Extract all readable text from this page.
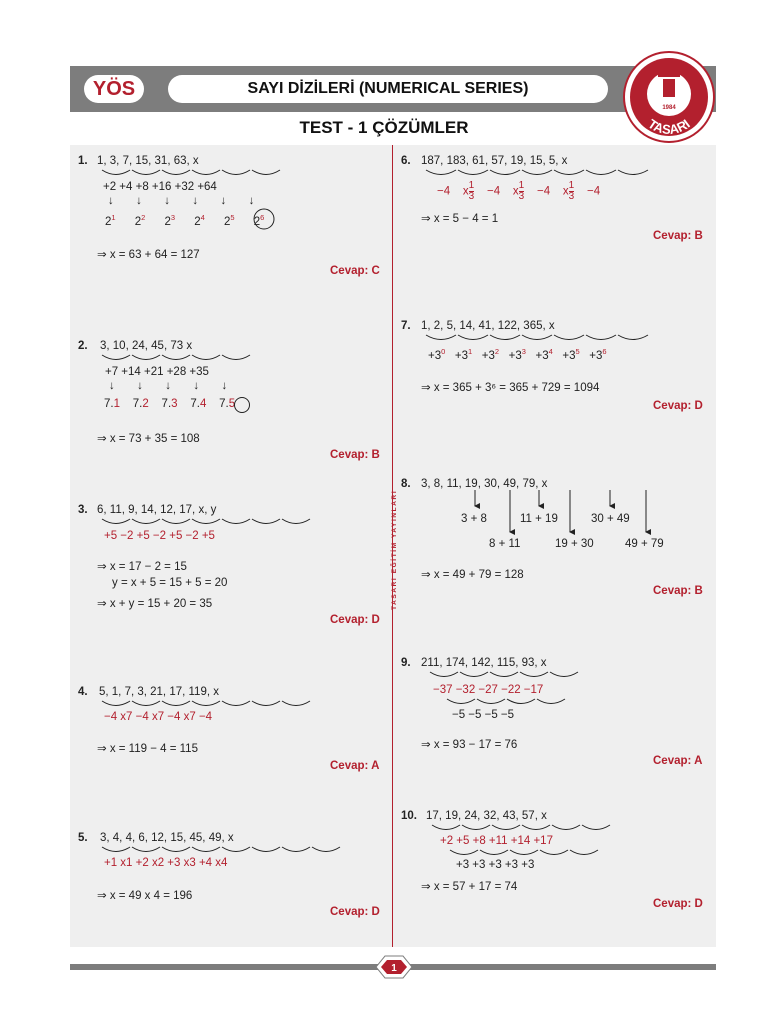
YÖS	SAYI DİZİLERİ (NUMERICAL SERIES)
1984
TASARI
TEST - 1 ÇÖZÜMLER
TASARI EĞİTİM YAYINLARI
1. 1, 3, 7, 15, 31, 63, x
+2 +4 +8 +16 +32 +64
↓       ↓       ↓       ↓       ↓       ↓
$2^1$      $2^2$      $2^3$      $2^4$      $2^5$      $2^6$
⇒ x = 63 + 64 = 127
Cevap: C
2. 3, 10, 24, 45, 73 x
+7 +14 +21 +28 +35
↓       ↓       ↓       ↓       ↓
7.1    7.2    7.3    7.4    7.5
⇒ x = 73 + 35 = 108
Cevap: B
3. 6, 11, 9, 14, 12, 17, x, y
+5 −2 +5 −2 +5 −2 +5
⇒ x = 17 − 2 = 15
y = x + 5 = 15 + 5 = 20
⇒ x + y = 15 + 20 = 35
Cevap: D
4. 5, 1, 7, 3, 21, 17, 119, x
−4 x7 −4 x7 −4 x7 −4
⇒ x = 119 − 4 = 115
Cevap: A
5. 3, 4, 4, 6, 12, 15, 45, 49, x
+1 x1 +2 x2 +3 x3 +4 x4
⇒ x = 49 x 4 = 196
Cevap: D
6. 187, 183, 61, 57, 19, 15, 5, x
−4    x $\frac{1}{3} -4$    x $\frac{1}{3} -4$    x $\frac{1}{3} -4$
⇒ x = 5 − 4 = 1
Cevap: B
7. 1, 2, 5, 14, 41, 122, 365, x
$+3^0 +3^1 +3^2 +3^3 +3^4 +3^5 +3^6$
⇒ x = 365 + 3⁶ = 365 + 729 = 1094
Cevap: D
8. 3, 8, 11, 19, 30, 49, 79, x
3 + 8	11 + 19	30 + 49
8 + 11	19 + 30	49 + 79
⇒ x = 49 + 79 = 128
Cevap: B
9. 211, 174, 142, 115, 93, x
−37 −32 −27 −22 −17
−5 −5 −5 −5
⇒ x = 93 − 17 = 76
Cevap: A
10. 17, 19, 24, 32, 43, 57, x
+2 +5 +8 +11 +14 +17
+3 +3 +3 +3 +3
⇒ x = 57 + 17 = 74
Cevap: D
1
